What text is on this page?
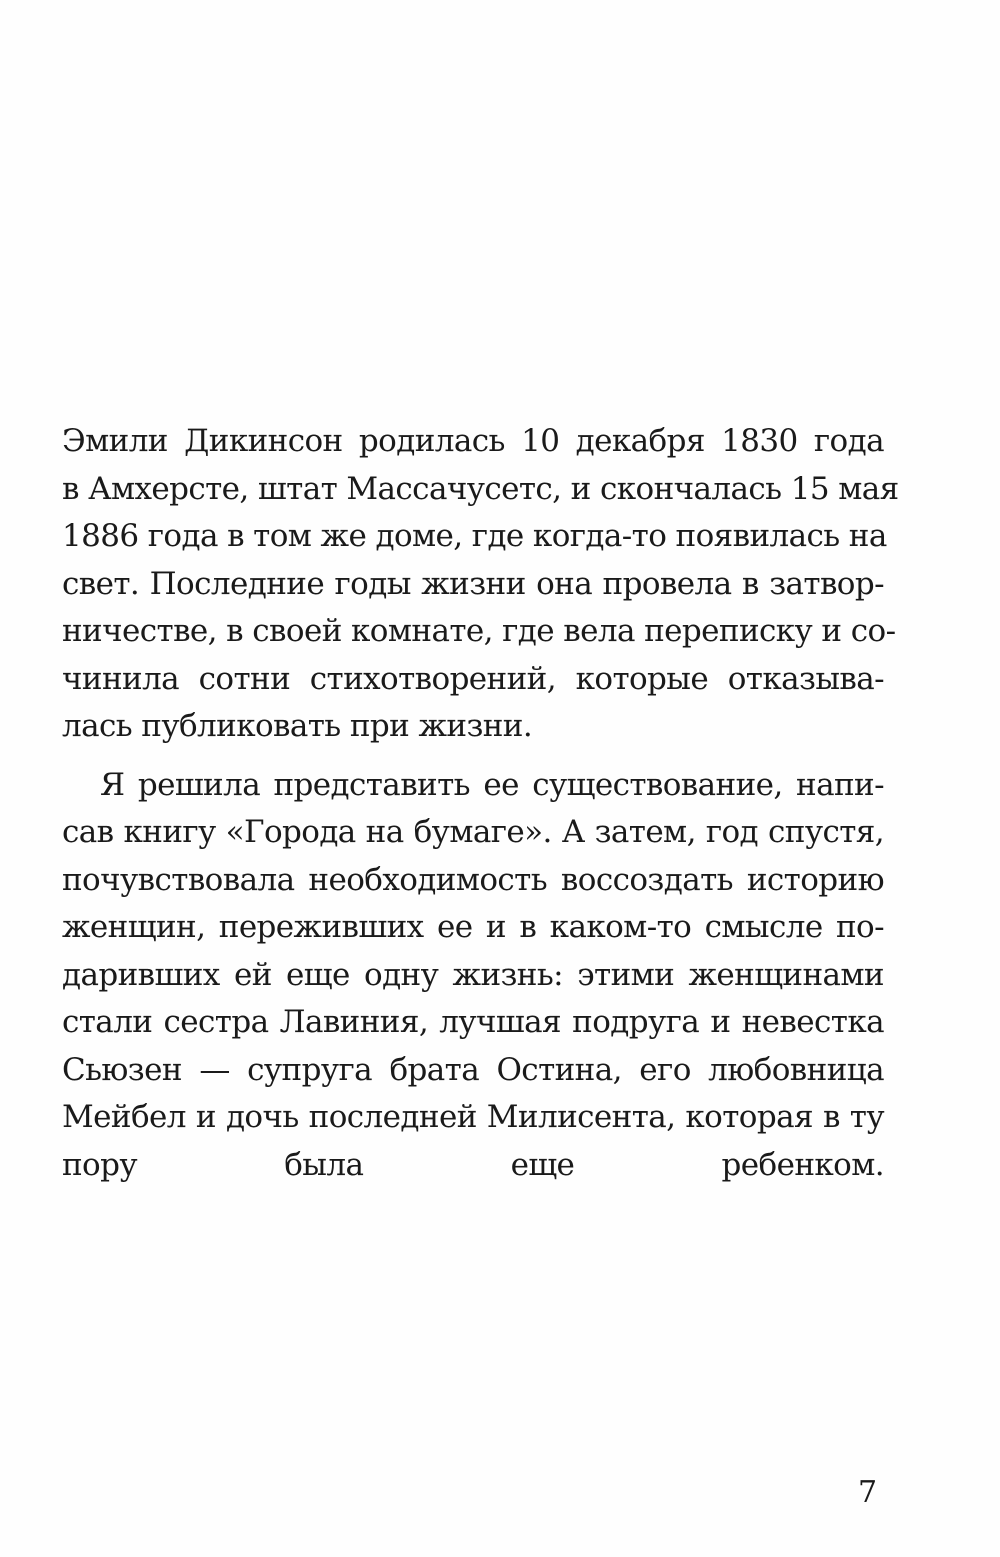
Эмили Дикинсон родилась 10 декабря 1830 года
в Амхерсте, штат Массачусетс, и скончалась 15 мая
1886 года в том же доме, где когда-то появилась на
свет. Последние годы жизни она провела в затвор-
ничестве, в своей комнате, где вела переписку и со-
чинила сотни стихотворений, которые отказыва-
лась публиковать при жизни.
Я решила представить ее существование, напи-
сав книгу «Города на бумаге». А затем, год спустя,
почувствовала необходимость воссоздать историю
женщин, переживших ее и в каком-то смысле по-
даривших ей еще одну жизнь: этими женщинами
стали сестра Лавиния, лучшая подруга и невестка
Сьюзен — супруга брата Остина, его любовница
Мейбел и дочь последней Милисента, которая в ту
пору была еще ребенком.
7
